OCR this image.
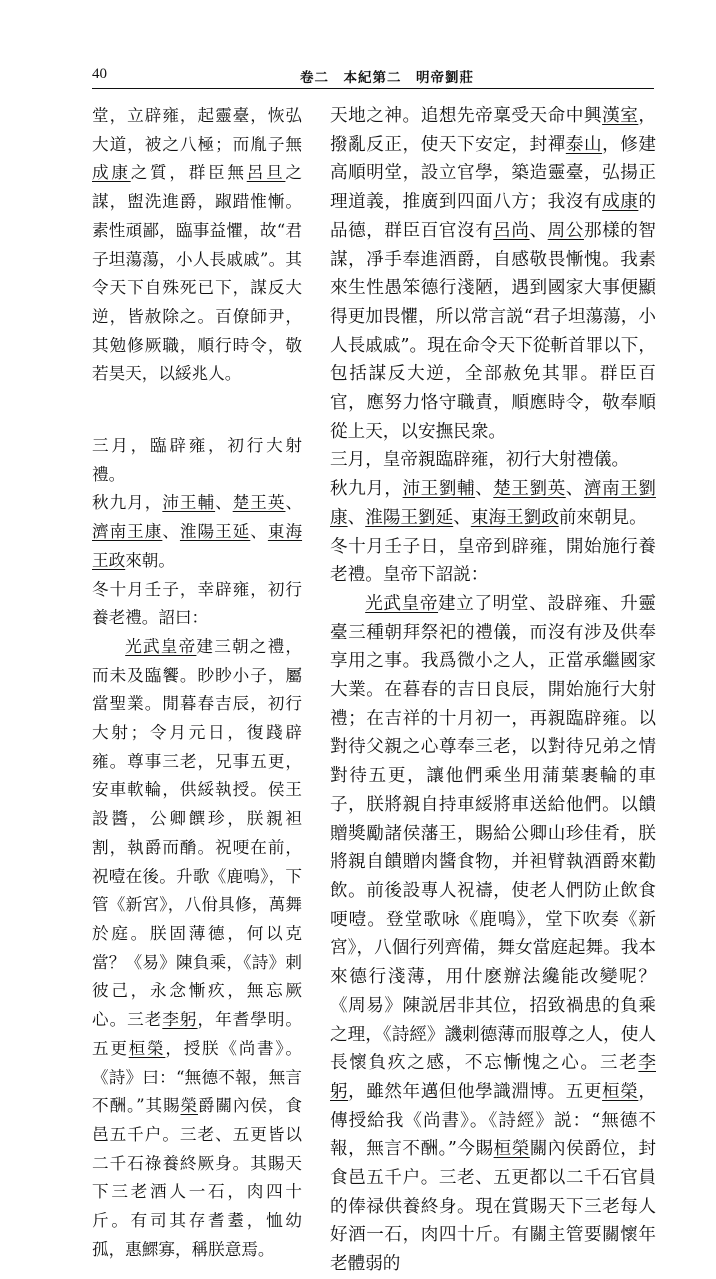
40	卷二　本紀第二　明帝劉莊

堂，立辟雍，起靈臺，恢弘大道，被之八極；而胤子無成康之質，群臣無呂旦之謀，盥洗進爵，踧踖惟慚。素性頑鄙，臨事益懼，故“君子坦蕩蕩，小人長戚戚”。其令天下自殊死已下，謀反大逆，皆赦除之。百僚師尹，其勉修厥職，順行時令，敬若昊天，以綏兆人。

三月，臨辟雍，初行大射禮。

秋九月，沛王輔、楚王英、濟南王康、淮陽王延、東海王政來朝。

冬十月壬子，幸辟雍，初行養老禮。詔曰：

光武皇帝建三朝之禮，而未及臨饗。眇眇小子，屬當聖業。閒暮春吉辰，初行大射；令月元日，復踐辟雍。尊事三老，兄事五更，安車軟輪，供綏執授。侯王設醬，公卿饌珍，朕親袒割，執爵而酳。祝哽在前，祝噎在後。升歌《鹿鳴》，下管《新宮》，八佾具修，萬舞於庭。朕固薄德，何以克當？《易》陳負乘，《詩》刺彼己，永念慚疚，無忘厥心。三老李躬，年耆學明。五更桓榮，授朕《尚書》。《詩》曰：“無德不報，無言不酬。”其賜榮爵關內侯，食邑五千户。三老、五更皆以二千石祿養終厥身。其賜天下三老酒人一石，肉四十斤。有司其存耆耋，恤幼孤，惠鰥寡，稱朕意焉。

天地之神。追想先帝稟受天命中興漢室，撥亂反正，使天下安定，封禪泰山，修建高順明堂，設立官學，築造靈臺，弘揚正理道義，推廣到四面八方；我沒有成康的品德，群臣百官沒有呂尚、周公那樣的智謀，凈手奉進酒爵，自感敬畏慚愧。我素來生性愚笨德行淺陋，遇到國家大事便顯得更加畏懼，所以常言説“君子坦蕩蕩，小人長戚戚”。現在命令天下從斬首罪以下，包括謀反大逆，全部赦免其罪。群臣百官，應努力恪守職責，順應時令，敬奉順從上天，以安撫民衆。

三月，皇帝親臨辟雍，初行大射禮儀。

秋九月，沛王劉輔、楚王劉英、濟南王劉康、淮陽王劉延、東海王劉政前來朝見。

冬十月壬子日，皇帝到辟雍，開始施行養老禮。皇帝下詔説：

光武皇帝建立了明堂、設辟雍、升靈臺三種朝拜祭祀的禮儀，而沒有涉及供奉享用之事。我爲微小之人，正當承繼國家大業。在暮春的吉日良辰，開始施行大射禮；在吉祥的十月初一，再親臨辟雍。以對待父親之心尊奉三老，以對待兄弟之情對待五更，讓他們乘坐用蒲葉裹輪的車子，朕將親自持車綏將車送給他們。以饋贈獎勵諸侯藩王，賜給公卿山珍佳肴，朕將親自饋贈肉醬食物，并袒臂執酒爵來勸飲。前後設專人祝禱，使老人們防止飲食哽噎。登堂歌咏《鹿鳴》，堂下吹奏《新宮》，八個行列齊備，舞女當庭起舞。我本來德行淺薄，用什麽辦法纔能改變呢？《周易》陳説居非其位，招致禍患的負乘之理，《詩經》譏刺德薄而服尊之人，使人長懷負疚之感，不忘慚愧之心。三老李躬，雖然年邁但他學識淵博。五更桓榮，傳授給我《尚書》。《詩經》説：“無德不報，無言不酬。”今賜桓榮關內侯爵位，封食邑五千户。三老、五更都以二千石官員的俸禄供養終身。現在賞賜天下三老每人好酒一石，肉四十斤。有關主管要關懷年老體弱的
